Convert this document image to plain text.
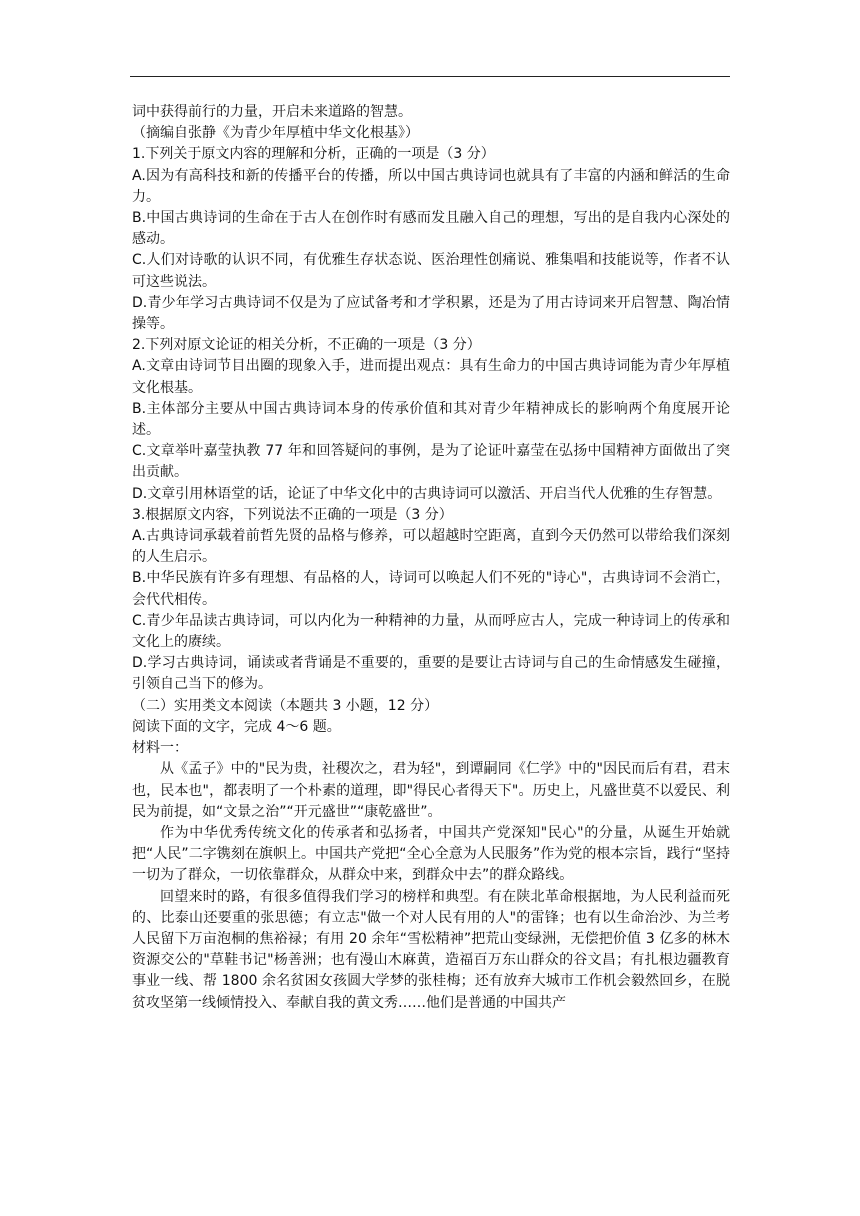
词中获得前行的力量，开启未来道路的智慧。

（摘编自张静《为青少年厚植中华文化根基》）

1.下列关于原文内容的理解和分析，正确的一项是（3 分）

A.因为有高科技和新的传播平台的传播，所以中国古典诗词也就具有了丰富的内涵和鲜活的生命力。

B.中国古典诗词的生命在于古人在创作时有感而发且融入自己的理想，写出的是自我内心深处的感动。

C.人们对诗歌的认识不同，有优雅生存状态说、医治理性创痛说、雅集唱和技能说等，作者不认可这些说法。

D.青少年学习古典诗词不仅是为了应试备考和才学积累，还是为了用古诗词来开启智慧、陶冶情操等。

2.下列对原文论证的相关分析，不正确的一项是（3 分）

A.文章由诗词节目出圈的现象入手，进而提出观点：具有生命力的中国古典诗词能为青少年厚植文化根基。

B.主体部分主要从中国古典诗词本身的传承价值和其对青少年精神成长的影响两个角度展开论述。

C.文章举叶嘉莹执教 77 年和回答疑问的事例，是为了论证叶嘉莹在弘扬中国精神方面做出了突出贡献。

D.文章引用林语堂的话，论证了中华文化中的古典诗词可以激活、开启当代人优雅的生存智慧。

3.根据原文内容，下列说法不正确的一项是（3 分）

A.古典诗词承载着前哲先贤的品格与修养，可以超越时空距离，直到今天仍然可以带给我们深刻的人生启示。

B.中华民族有许多有理想、有品格的人，诗词可以唤起人们不死的"诗心"，古典诗词不会消亡，会代代相传。

C.青少年品读古典诗词，可以内化为一种精神的力量，从而呼应古人，完成一种诗词上的传承和文化上的赓续。

D.学习古典诗词，诵读或者背诵是不重要的，重要的是要让古诗词与自己的生命情感发生碰撞，引领自己当下的修为。

（二）实用类文本阅读（本题共 3 小题，12 分）

阅读下面的文字，完成 4～6 题。

材料一：

从《孟子》中的"民为贵，社稷次之，君为轻"，到谭嗣同《仁学》中的"因民而后有君，君末也，民本也"，都表明了一个朴素的道理，即"得民心者得天下"。历史上，凡盛世莫不以爱民、利民为前提，如“文景之治”“开元盛世”“康乾盛世”。

作为中华优秀传统文化的传承者和弘扬者，中国共产党深知"民心"的分量，从诞生开始就把“人民”二字镌刻在旗帜上。中国共产党把“全心全意为人民服务”作为党的根本宗旨，践行“坚持一切为了群众，一切依靠群众，从群众中来，到群众中去”的群众路线。

回望来时的路，有很多值得我们学习的榜样和典型。有在陕北革命根据地，为人民利益而死的、比泰山还要重的张思德；有立志"做一个对人民有用的人"的雷锋；也有以生命治沙、为兰考人民留下万亩泡桐的焦裕禄；有用 20 余年“雪松精神”把荒山变绿洲，无偿把价值 3 亿多的林木资源交公的"草鞋书记"杨善洲；也有漫山木麻黄，造福百万东山群众的谷文昌；有扎根边疆教育事业一线、帮 1800 余名贫困女孩圆大学梦的张桂梅；还有放弃大城市工作机会毅然回乡，在脱贫攻坚第一线倾情投入、奉献自我的黄文秀……他们是普通的中国共产
